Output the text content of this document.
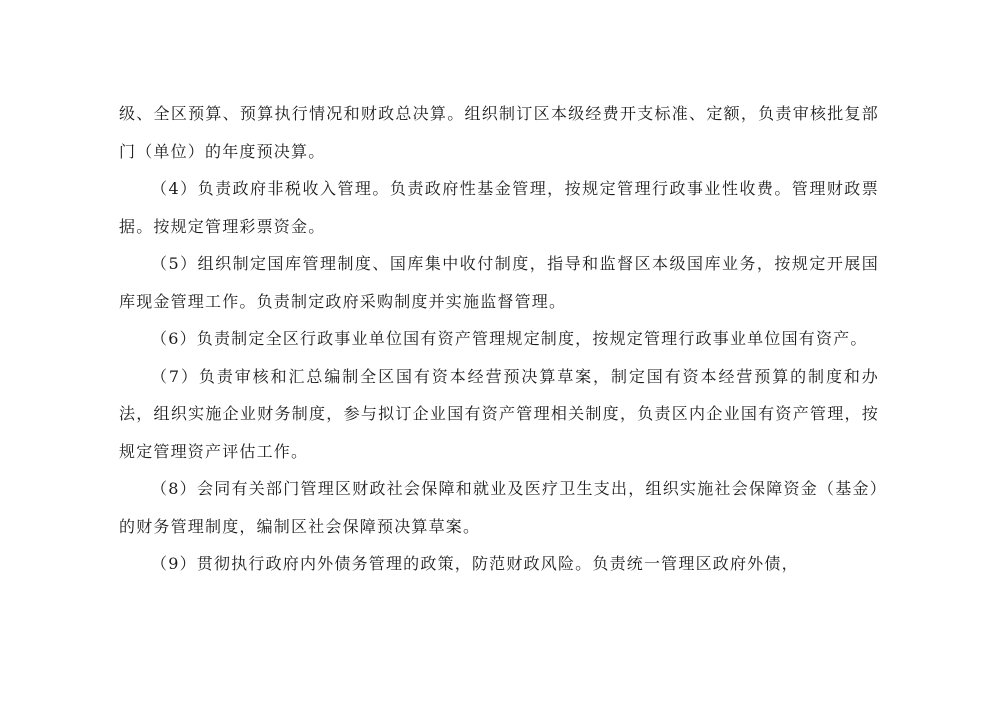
级、全区预算、预算执行情况和财政总决算。组织制订区本级经费开支标准、定额，负责审核批复部门（单位）的年度预决算。

（4）负责政府非税收入管理。负责政府性基金管理，按规定管理行政事业性收费。管理财政票据。按规定管理彩票资金。

（5）组织制定国库管理制度、国库集中收付制度，指导和监督区本级国库业务，按规定开展国库现金管理工作。负责制定政府采购制度并实施监督管理。

（6）负责制定全区行政事业单位国有资产管理规定制度，按规定管理行政事业单位国有资产。

（7）负责审核和汇总编制全区国有资本经营预决算草案，制定国有资本经营预算的制度和办法，组织实施企业财务制度，参与拟订企业国有资产管理相关制度，负责区内企业国有资产管理，按规定管理资产评估工作。

（8）会同有关部门管理区财政社会保障和就业及医疗卫生支出，组织实施社会保障资金（基金）的财务管理制度，编制区社会保障预决算草案。

（9）贯彻执行政府内外债务管理的政策，防范财政风险。负责统一管理区政府外债，
